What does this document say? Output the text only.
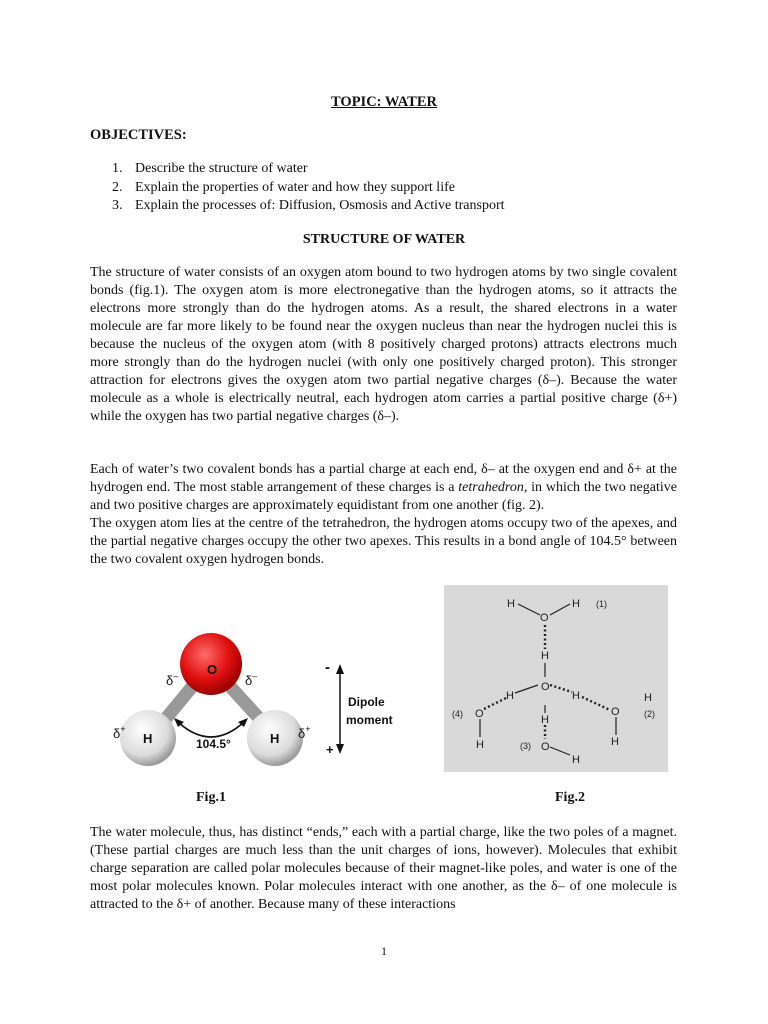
TOPIC: WATER
OBJECTIVES:
1. Describe the structure of water
2. Explain the properties of water and how they support life
3. Explain the processes of: Diffusion, Osmosis and Active transport
STRUCTURE OF WATER

The structure of water consists of an oxygen atom bound to two hydrogen atoms by two single covalent bonds (fig.1). The oxygen atom is more electronegative than the hydrogen atoms, so it attracts the electrons more strongly than do the hydrogen atoms. As a result, the shared electrons in a water molecule are far more likely to be found near the oxygen nucleus than near the hydrogen nuclei this is because the nucleus of the oxygen atom (with 8 positively charged protons) attracts electrons much more strongly than do the hydrogen nuclei (with only one positively charged proton). This stronger attraction for electrons gives the oxygen atom two partial negative charges (δ–). Because the water molecule as a whole is electrically neutral, each hydrogen atom carries a partial positive charge (δ+) while the oxygen has two partial negative charges (δ–).

Each of water’s two covalent bonds has a partial charge at each end, δ– at the oxygen end and δ+ at the hydrogen end. The most stable arrangement of these charges is a tetrahedron, in which the two negative and two positive charges are approximately equidistant from one another (fig. 2).
The oxygen atom lies at the centre of the tetrahedron, the hydrogen atoms occupy two of the apexes, and the partial negative charges occupy the other two apexes. This results in a bond angle of 104.5° between the two covalent oxygen hydrogen bonds.

O
H	H
δ–	δ–
δ+	δ+
104.5°
-
+
Dipole
moment
H	H (1)
O
H
O
H	H	H
(4) O	H
O	(2)
H	H
(3) O
H
Fig.1	Fig.2

The water molecule, thus, has distinct “ends,” each with a partial charge, like the two poles of a magnet. (These partial charges are much less than the unit charges of ions, however). Molecules that exhibit charge separation are called polar molecules because of their magnet-like poles, and water is one of the most polar molecules known. Polar molecules interact with one another, as the δ– of one molecule is attracted to the δ+ of another. Because many of these interactions

1
